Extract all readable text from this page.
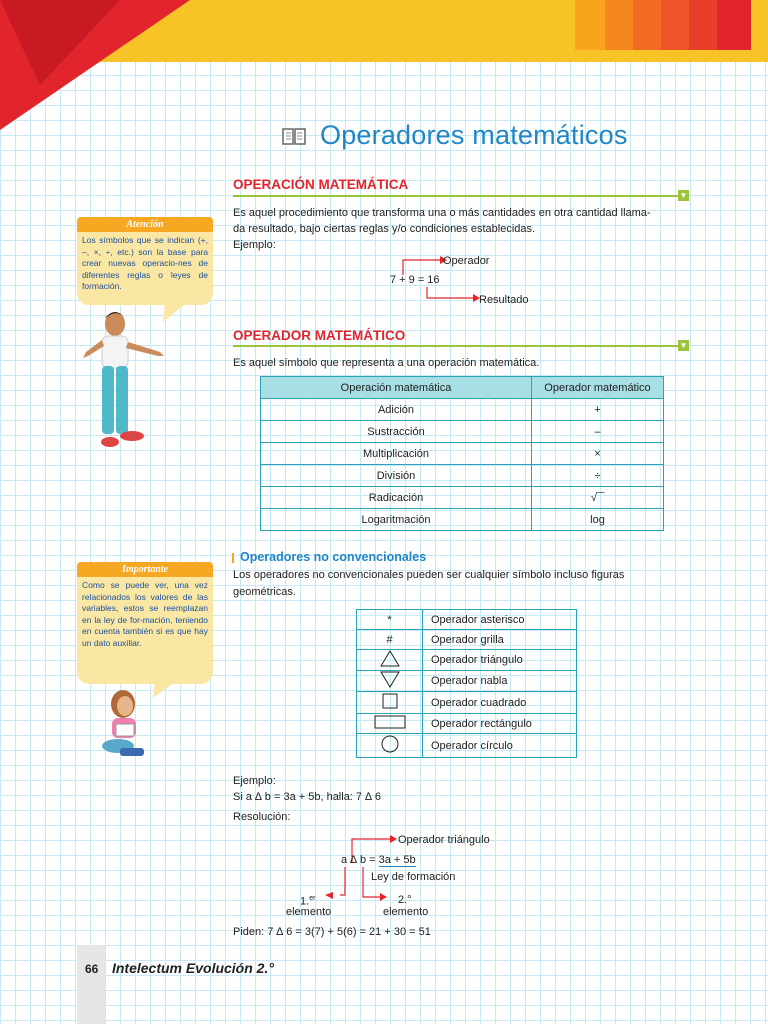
Operadores matemáticos
OPERACIÓN MATEMÁTICA
▼
Es aquel procedimiento que transforma una o más cantidades en otra cantidad llama-
da resultado, bajo ciertas reglas y/o condiciones establecidas.
Ejemplo:
7 + 9 = 16
Operador
Resultado
OPERADOR MATEMÁTICO
▼
Es aquel símbolo que representa a una operación matemática.
Operación matemática	Operador matemático
Adición	+
Sustracción	–
Multiplicación	×
División	÷
Radicación	√‾‾
Logaritmación	log
Operadores no convencionales
Los operadores no convencionales pueden ser cualquier símbolo incluso figuras
geométricas.
*	Operador asterisco
#	Operador grilla
	Operador triángulo
	Operador nabla
	Operador cuadrado
	Operador rectángulo
	Operador círculo
Ejemplo:
Si a ∆ b = 3a + 5b, halla: 7 ∆ 6
Resolución:
a ∆ b = 3a + 5b
Operador triángulo
Ley de formación
1.$^{er}$
elemento
2.°
elemento
Piden: 7 ∆ 6 = 3(7) + 5(6) = 21 + 30 = 51
Atención
Los símbolos que se indican (+, –, ×, ÷, etc.) son la base para crear nuevas operacio-nes de diferentes reglas o leyes de formación.
Importante
Como se puede ver, una vez relacionados los valores de las variables, estos se reemplazan en la ley de for-mación, teniendo en cuenta también si es que hay un dato auxiliar.
66 Intelectum Evolución 2.°
